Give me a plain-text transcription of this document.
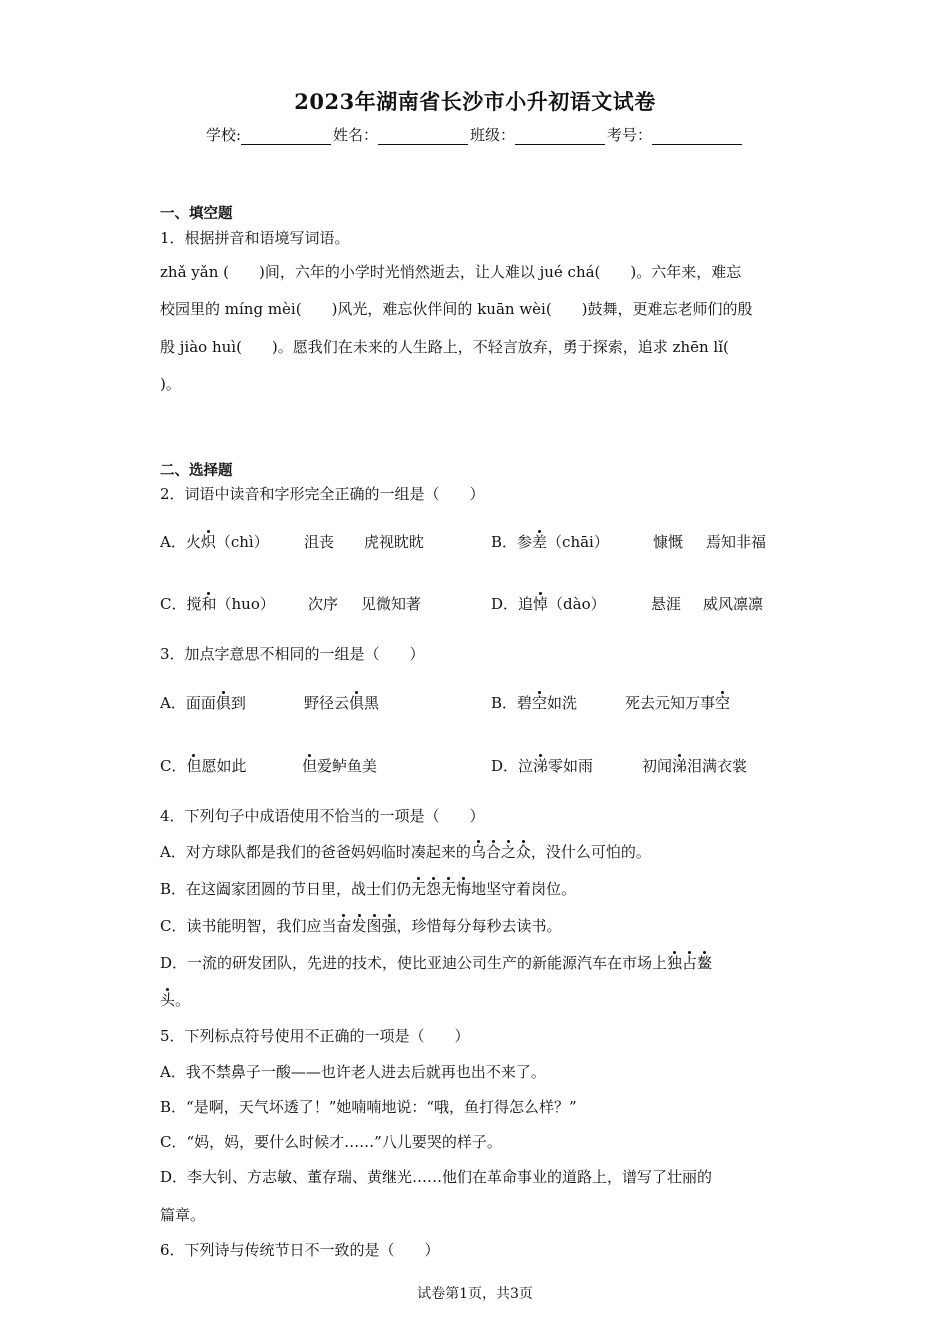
2023年湖南省长沙市小升初语文试卷
学校:	姓名：	班级：	考号：
一、填空题
1．根据拼音和语境写词语。
zhǎ yǎn (　　)间，六年的小学时光悄然逝去，让人难以 jué chá(　　)。六年来，难忘
校园里的 míng mèi(　　)风光，难忘伙伴间的 kuān wèi(　　)鼓舞，更难忘老师们的殷
殷 jiào huì(　　)。愿我们在未来的人生路上，不轻言放弃，勇于探索，追求 zhēn lǐ(
)。
二、选择题
2．词语中读音和字形完全正确的一组是（　　）
A．火炽（chì） 沮丧 虎视眈眈	B．参差（chāi）	慷慨 焉知非福
C．搅和（huo） 次序 见微知著	D．追悼（dào）	悬涯 威风凛凛
3．加点字意思不相同的一组是（　　）
A．面面俱到	野径云俱黑	B．碧空如洗	死去元知万事空
C．但愿如此	但爱鲈鱼美	D．泣涕零如雨	初闻涕泪满衣裳
4．下列句子中成语使用不恰当的一项是（　　）
A．对方球队都是我们的爸爸妈妈临时凑起来的乌合之众，没什么可怕的。
B．在这阖家团圆的节日里，战士们仍无怨无悔地坚守着岗位。
C．读书能明智，我们应当奋发图强，珍惜每分每秒去读书。
D．一流的研发团队，先进的技术，使比亚迪公司生产的新能源汽车在市场上独占鳌
头。
5．下列标点符号使用不正确的一项是（　　）
A．我不禁鼻子一酸——也许老人进去后就再也出不来了。
B．“是啊，天气坏透了！”她喃喃地说：“哦，鱼打得怎么样？”
C．“妈，妈，要什么时候才……”八儿要哭的样子。
D．李大钊、方志敏、董存瑞、黄继光……他们在革命事业的道路上，谱写了壮丽的
篇章。
6．下列诗与传统节日不一致的是（　　）
试卷第1页，共3页
